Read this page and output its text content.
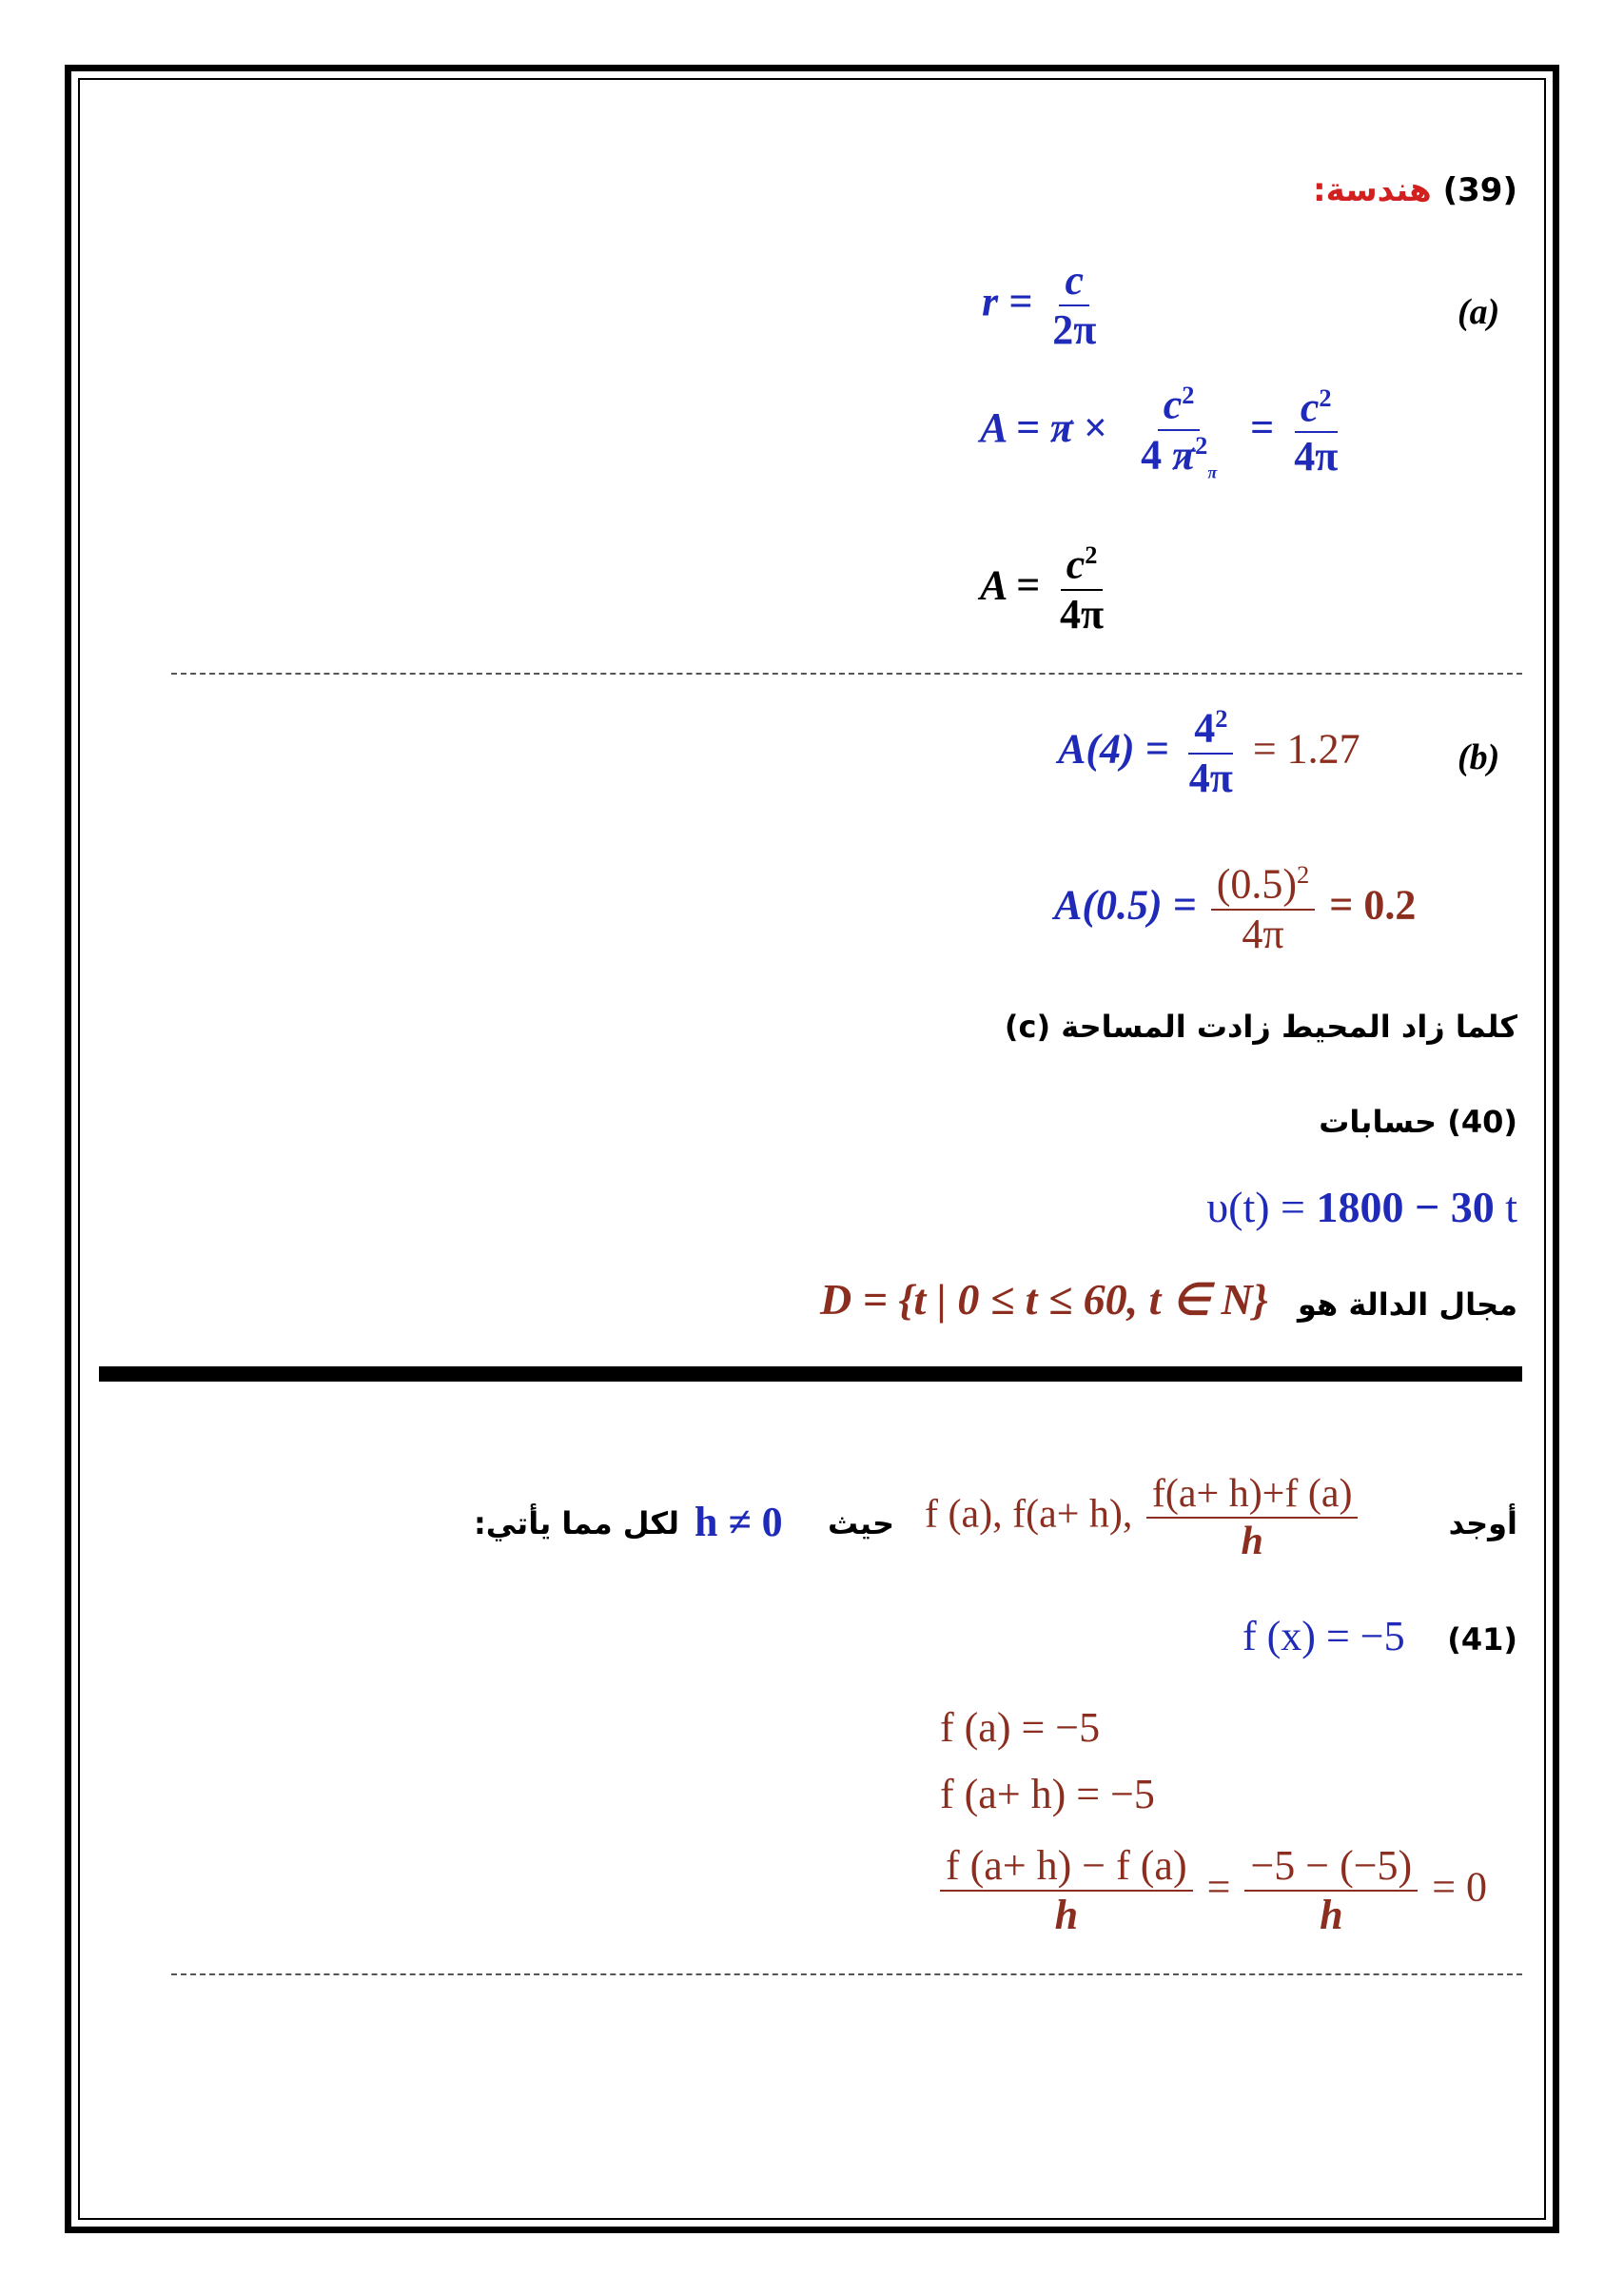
(39) هندسة:
(a)
$r = \frac{c}{2\pi}$
$A = \pi \times \frac{c^2}{4 \pi^2_\pi} = \frac{c^2}{4\pi}$
$A = \frac{c^2}{4\pi}$
(b)
$A(4) = \frac{4^2}{4\pi} = 1.27$
$A(0.5) = \frac{(0.5)^2}{4\pi} = 0.2$
(c) كلما زاد المحيط زادت المساحة
(40) حسابات
υ(t) = 1800 − 30 t
مجال الدالة هو
D = {t | 0 ≤ t ≤ 60, t ∈ N}
أوجد
f (a), f(a+ h), $\frac{f(a+ h)+f (a)}{h}$
حيث
h ≠ 0
لكل مما يأتي:
(41)
f (x) = −5
f (a) = −5
f (a+ h) = −5
$\frac{f (a+ h) - f (a)}{h} = \frac{-5 - (-5)}{h} = 0$
